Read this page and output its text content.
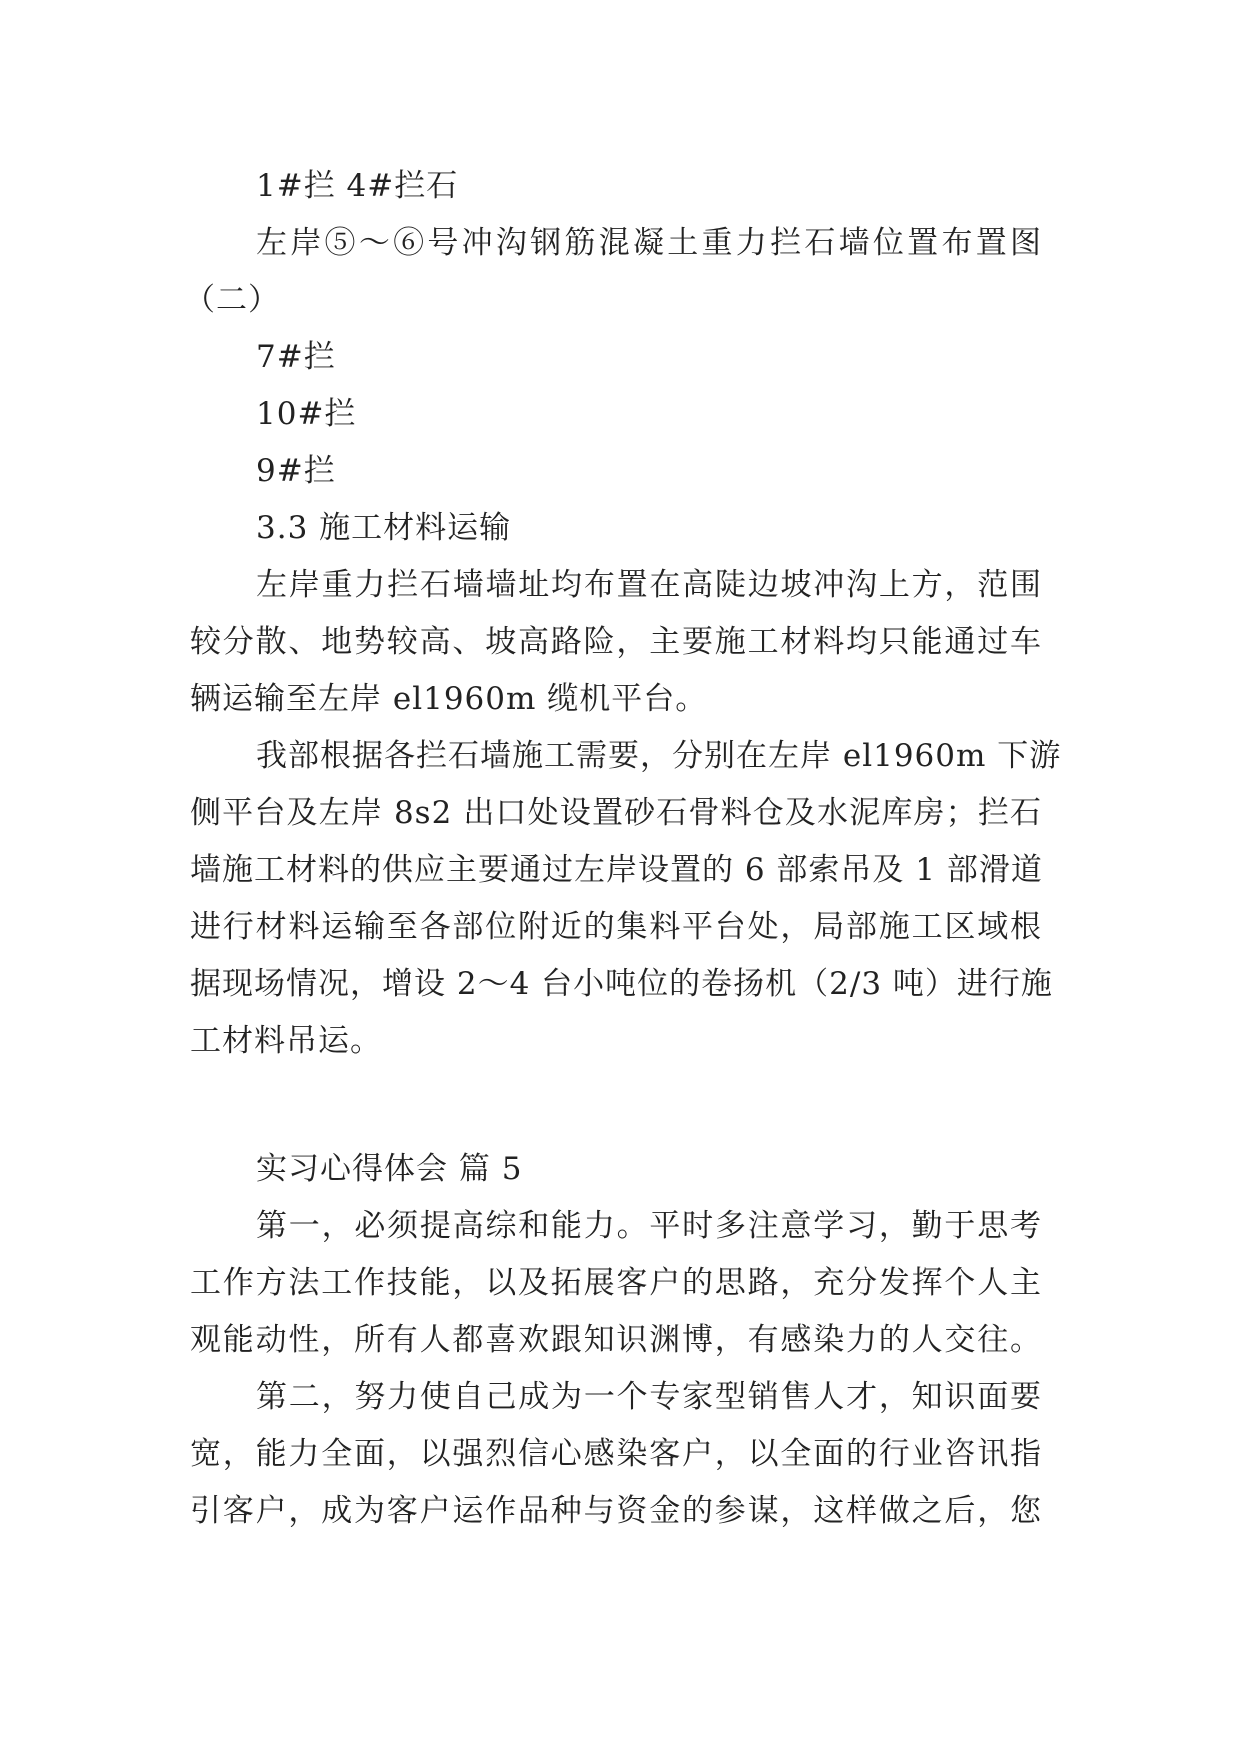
1#拦 4#拦石
左岸⑤～⑥号冲沟钢筋混凝土重力拦石墙位置布置图
（二）
7#拦
10#拦
9#拦
3.3 施工材料运输
左岸重力拦石墙墙址均布置在高陡边坡冲沟上方，范围
较分散、地势较高、坡高路险，主要施工材料均只能通过车
辆运输至左岸 el1960m 缆机平台。
我部根据各拦石墙施工需要，分别在左岸 el1960m 下游
侧平台及左岸 8s2 出口处设置砂石骨料仓及水泥库房；拦石
墙施工材料的供应主要通过左岸设置的 6 部索吊及 1 部滑道
进行材料运输至各部位附近的集料平台处，局部施工区域根
据现场情况，增设 2～4 台小吨位的卷扬机（2/3 吨）进行施
工材料吊运。
实习心得体会 篇 5
第一，必须提高综和能力。平时多注意学习，勤于思考
工作方法工作技能，以及拓展客户的思路，充分发挥个人主
观能动性，所有人都喜欢跟知识渊博，有感染力的人交往。
第二，努力使自己成为一个专家型销售人才，知识面要
宽，能力全面，以强烈信心感染客户，以全面的行业咨讯指
引客户，成为客户运作品种与资金的参谋，这样做之后，您
